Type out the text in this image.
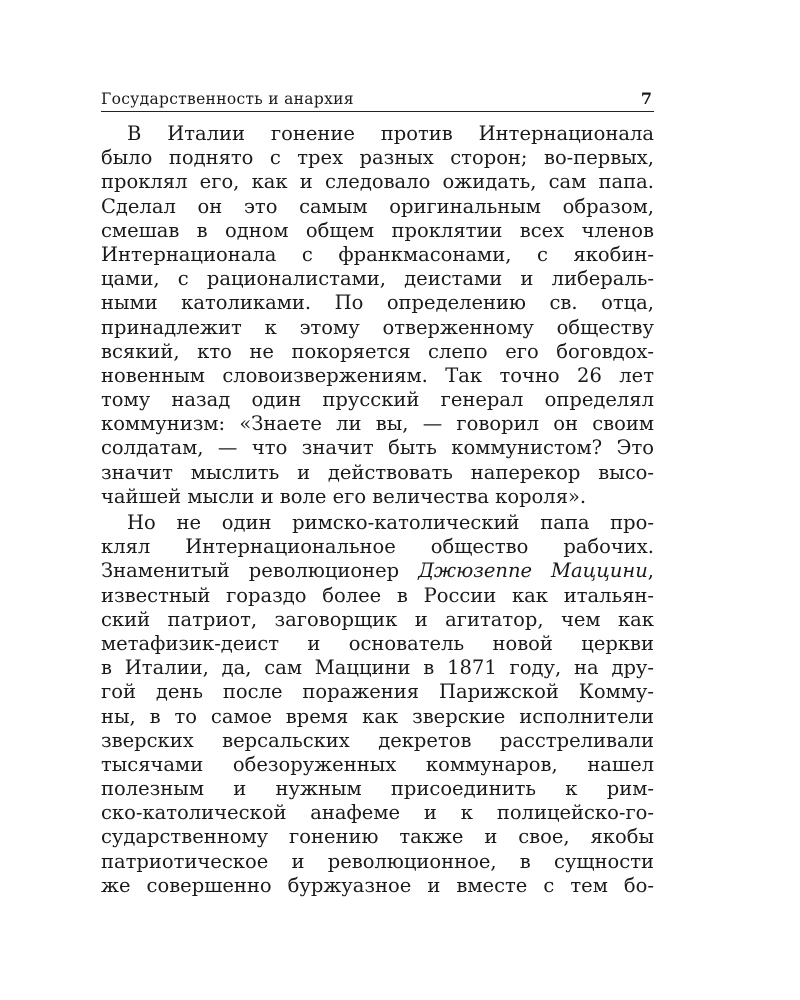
Государственность и анархия	7
В Италии гонение против Интернационала
было поднято с трех разных сторон; во-первых,
проклял его, как и следовало ожидать, сам папа.
Сделал он это самым оригинальным образом,
смешав в одном общем проклятии всех членов
Интернационала с франкмасонами, с якобин-
цами, с рационалистами, деистами и либераль-
ными католиками. По определению св. отца,
принадлежит к этому отверженному обществу
всякий, кто не покоряется слепо его боговдох-
новенным словоизвержениям. Так точно 26 лет
тому назад один прусский генерал определял
коммунизм: «Знаете ли вы, — говорил он своим
солдатам, — что значит быть коммунистом? Это
значит мыслить и действовать наперекор высо-
чайшей мысли и воле его величества короля».
Но не один римско-католический папа про-
клял Интернациональное общество рабочих.
Знаменитый революционер Джюзеппе Маццини,
известный гораздо более в России как итальян-
ский патриот, заговорщик и агитатор, чем как
метафизик-деист и основатель новой церкви
в Италии, да, сам Маццини в 1871 году, на дру-
гой день после поражения Парижской Комму-
ны, в то самое время как зверские исполнители
зверских версальских декретов расстреливали
тысячами обезоруженных коммунаров, нашел
полезным и нужным присоединить к рим-
ско-католической анафеме и к полицейско-го-
сударственному гонению также и свое, якобы
патриотическое и революционное, в сущности
же совершенно буржуазное и вместе с тем бо-
